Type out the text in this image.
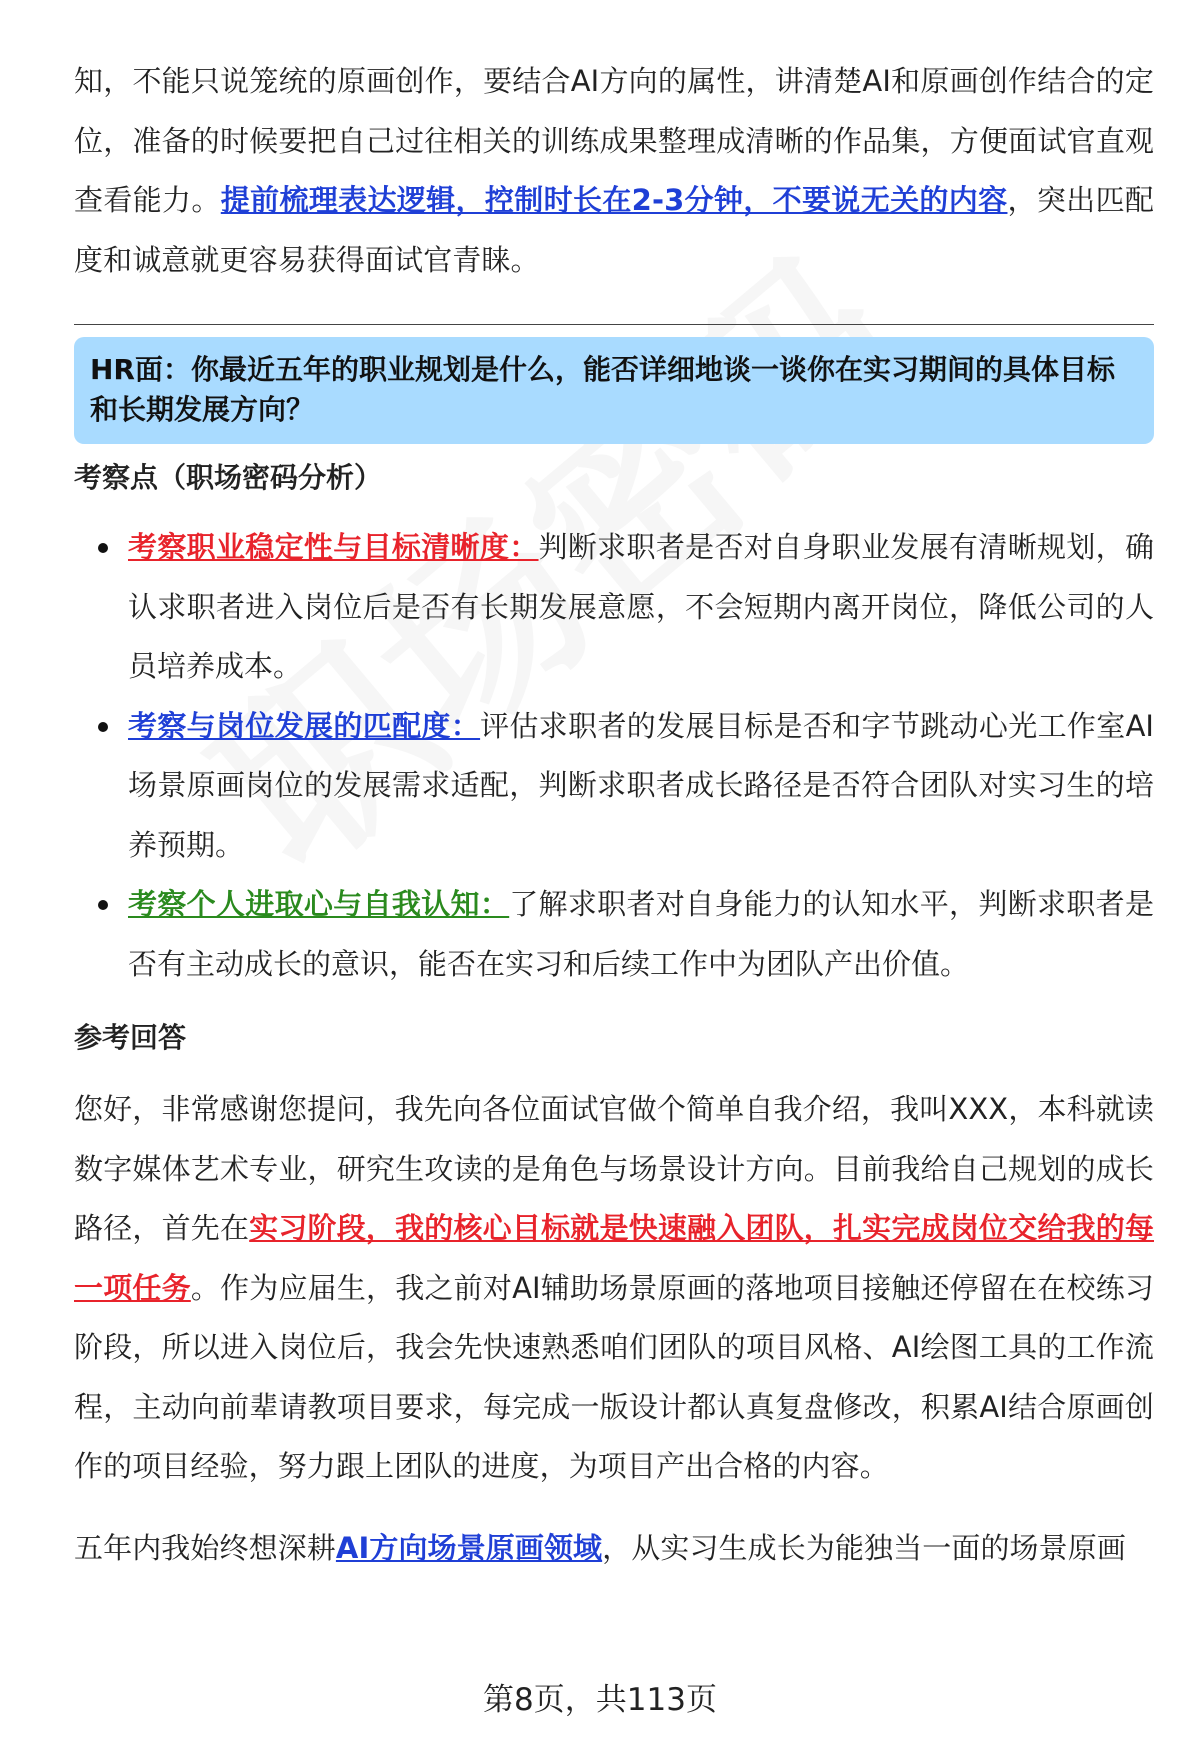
知，不能只说笼统的原画创作，要结合AI方向的属性，讲清楚AI和原画创作结合的定位，准备的时候要把自己过往相关的训练成果整理成清晰的作品集，方便面试官直观查看能力。提前梳理表达逻辑，控制时长在2-3分钟，不要说无关的内容，突出匹配度和诚意就更容易获得面试官青睐。

HR面：你最近五年的职业规划是什么，能否详细地谈一谈你在实习期间的具体目标和长期发展方向？

考察点（职场密码分析）
考察职业稳定性与目标清晰度：判断求职者是否对自身职业发展有清晰规划，确认求职者进入岗位后是否有长期发展意愿，不会短期内离开岗位，降低公司的人员培养成本。
考察与岗位发展的匹配度：评估求职者的发展目标是否和字节跳动心光工作室AI场景原画岗位的发展需求适配，判断求职者成长路径是否符合团队对实习生的培养预期。
考察个人进取心与自我认知：了解求职者对自身能力的认知水平，判断求职者是否有主动成长的意识，能否在实习和后续工作中为团队产出价值。
参考回答

您好，非常感谢您提问，我先向各位面试官做个简单自我介绍，我叫XXX，本科就读数字媒体艺术专业，研究生攻读的是角色与场景设计方向。目前我给自己规划的成长路径，首先在实习阶段，我的核心目标就是快速融入团队，扎实完成岗位交给我的每一项任务。作为应届生，我之前对AI辅助场景原画的落地项目接触还停留在在校练习阶段，所以进入岗位后，我会先快速熟悉咱们团队的项目风格、AI绘图工具的工作流程，主动向前辈请教项目要求，每完成一版设计都认真复盘修改，积累AI结合原画创作的项目经验，努力跟上团队的进度，为项目产出合格的内容。

五年内我始终想深耕AI方向场景原画领域，从实习生成长为能独当一面的场景原画

第8页，共113页
